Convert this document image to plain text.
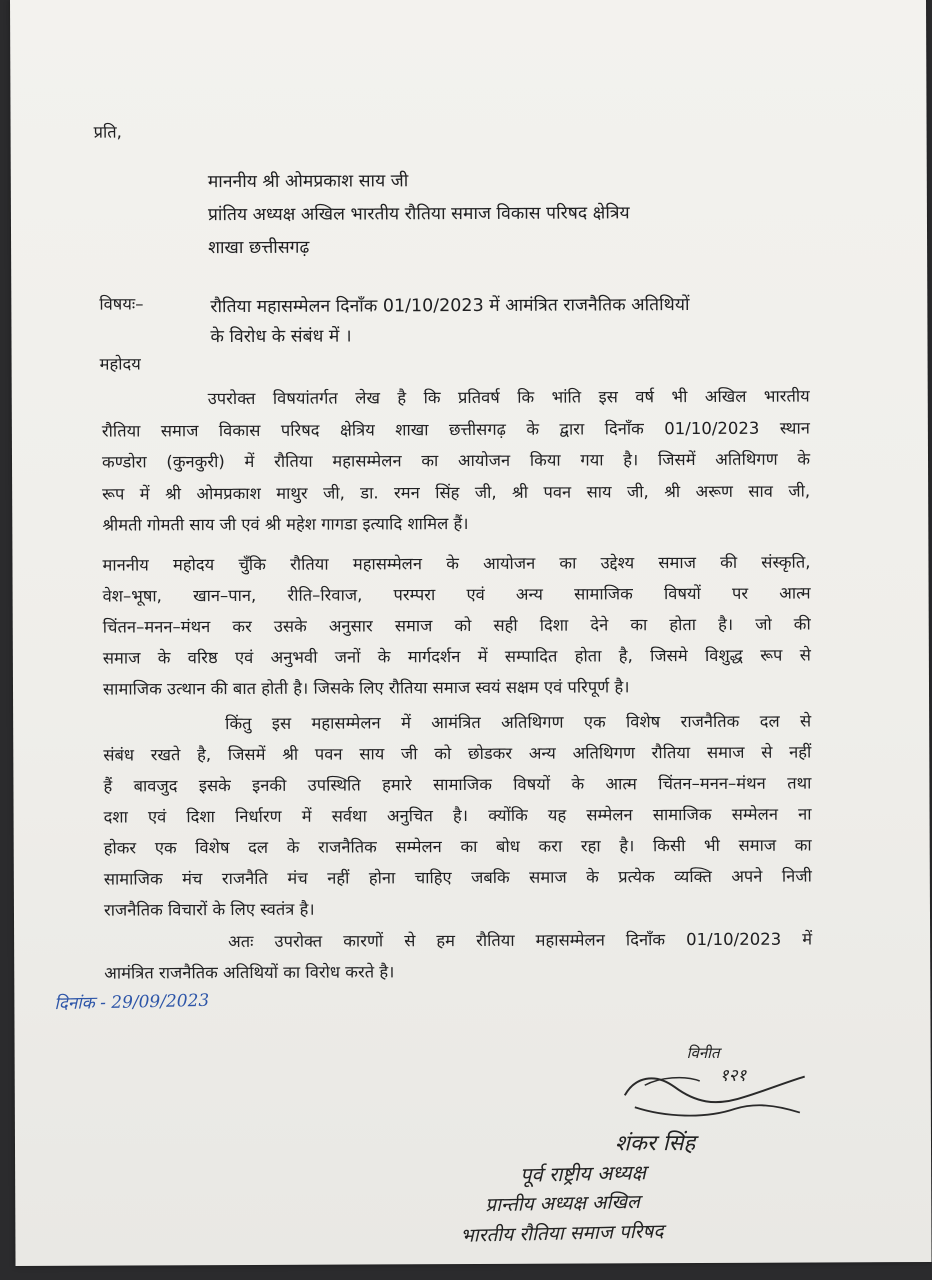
प्रति,
माननीय श्री ओमप्रकाश साय जी
प्रांतिय अध्यक्ष अखिल भारतीय रौतिया समाज विकास परिषद क्षेत्रिय
शाखा छत्तीसगढ़
विषयः–	रौतिया महासम्मेलन दिनाँक 01/10/2023 में आमंत्रित राजनैतिक अतिथियों
के विरोध के संबंध में ।
महोदय
उपरोक्त विषयांतर्गत लेख है कि प्रतिवर्ष कि भांति इस वर्ष भी अखिल भारतीय
रौतिया समाज विकास परिषद क्षेत्रिय शाखा छत्तीसगढ़ के द्वारा दिनाँक 01/10/2023 स्थान
कण्डोरा (कुनकुरी) में रौतिया महासम्मेलन का आयोजन किया गया है। जिसमें अतिथिगण के
रूप में श्री ओमप्रकाश माथुर जी, डा. रमन सिंह जी, श्री पवन साय जी, श्री अरूण साव जी,
श्रीमती गोमती साय जी एवं श्री महेश गागडा इत्यादि शामिल हैं।
माननीय महोदय चुँकि रौतिया महासम्मेलन के आयोजन का उद्देश्य समाज की संस्कृति,
वेश–भूषा, खान–पान, रीति–रिवाज, परम्परा एवं अन्य सामाजिक विषयों पर आत्म
चिंतन–मनन–मंथन कर उसके अनुसार समाज को सही दिशा देने का होता है। जो की
समाज के वरिष्ठ एवं अनुभवी जनों के मार्गदर्शन में सम्पादित होता है, जिसमे विशुद्ध रूप से
सामाजिक उत्थान की बात होती है। जिसके लिए रौतिया समाज स्वयं सक्षम एवं परिपूर्ण है।
किंतु इस महासम्मेलन में आमंत्रित अतिथिगण एक विशेष राजनैतिक दल से
संबंध रखते है, जिसमें श्री पवन साय जी को छोडकर अन्य अतिथिगण रौतिया समाज से नहीं
हैं बावजुद इसके इनकी उपस्थिति हमारे सामाजिक विषयों के आत्म चिंतन–मनन–मंथन तथा
दशा एवं दिशा निर्धारण में सर्वथा अनुचित है। क्योंकि यह सम्मेलन सामाजिक सम्मेलन ना
होकर एक विशेष दल के राजनैतिक सम्मेलन का बोध करा रहा है। किसी भी समाज का
सामाजिक मंच राजनैति मंच नहीं होना चाहिए जबकि समाज के प्रत्येक व्यक्ति अपने निजी
राजनैतिक विचारों के लिए स्वतंत्र है।
अतः उपरोक्त कारणों से हम रौतिया महासम्मेलन दिनाँक 01/10/2023 में
आमंत्रित राजनैतिक अतिथियों का विरोध करते है।
दिनांक - 29/09/2023
विनीत
१२१
शंकर सिंह
पूर्व राष्ट्रीय अध्यक्ष
प्रान्तीय अध्यक्ष अखिल
भारतीय रौतिया समाज परिषद
